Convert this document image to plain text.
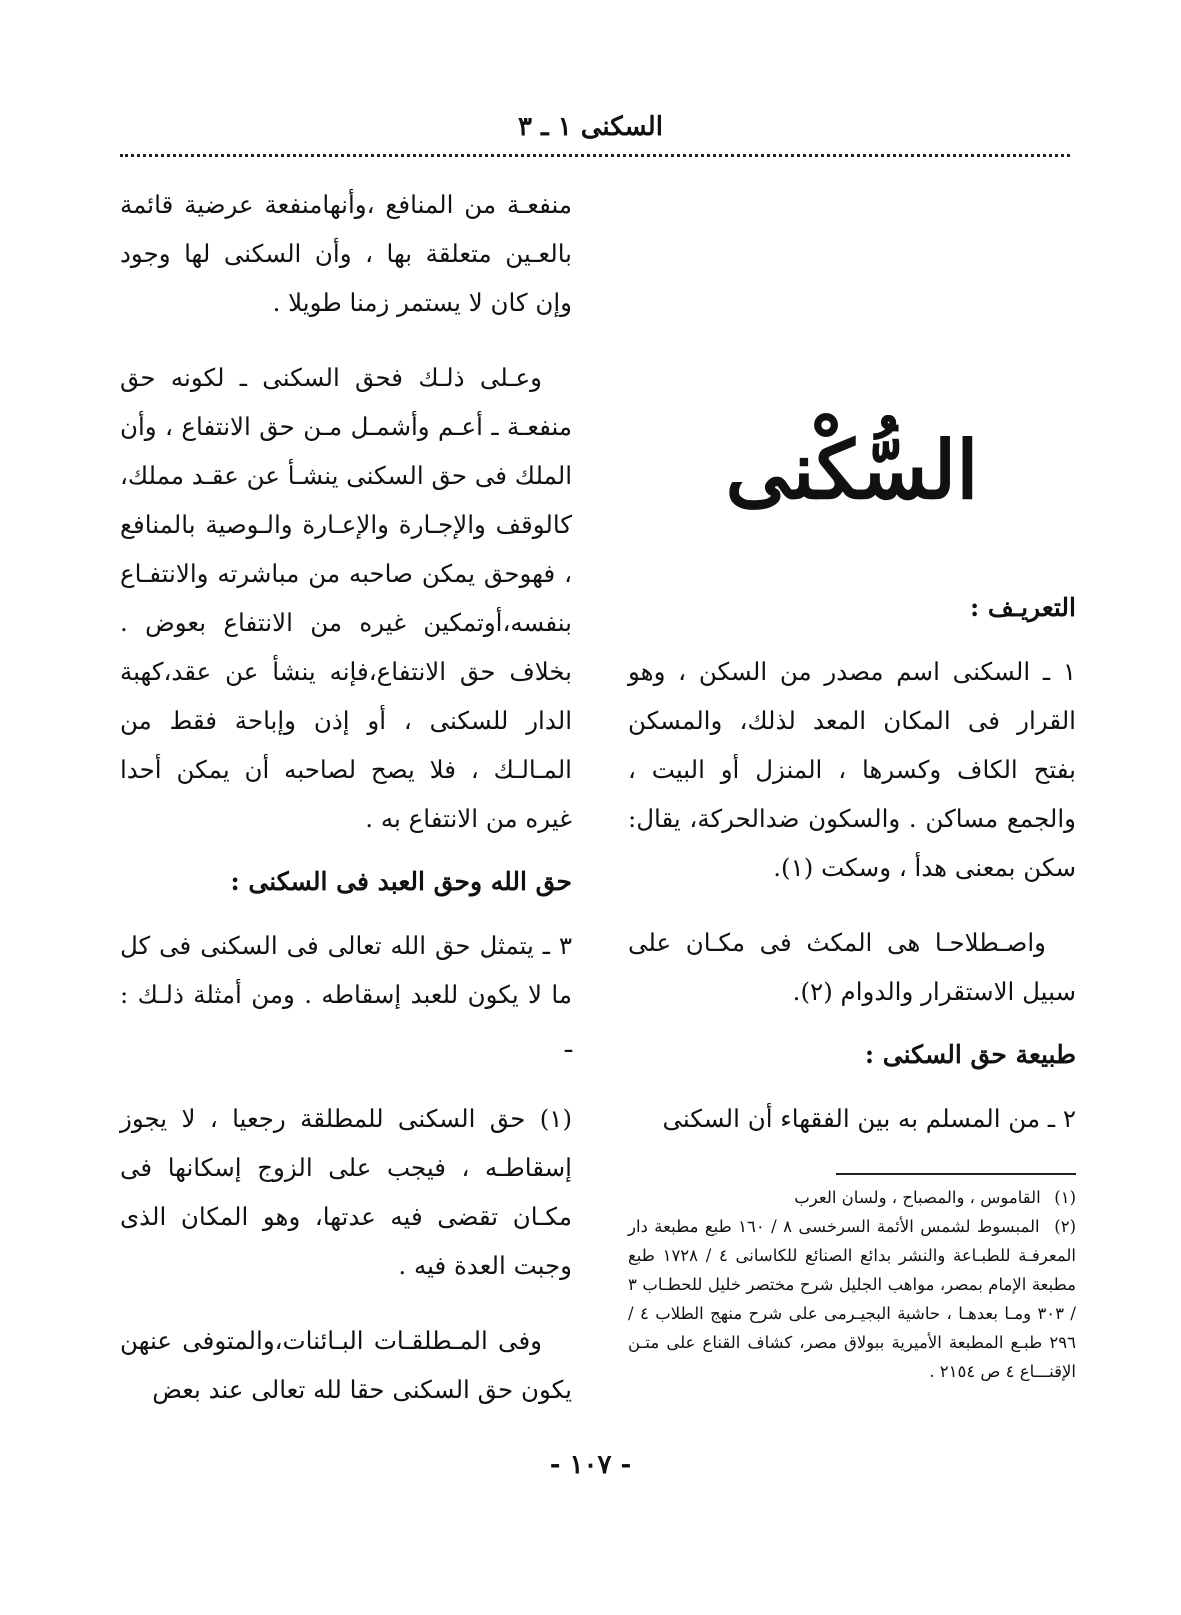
السكنى ١ ـ ٣
السُّكْنى

التعريـف :

١ ـ السكنى اسم مصدر من السكن ، وهو القرار فى المكان المعد لذلك، والمسكن بفتح الكاف وكسرها ، المنزل أو البيت ، والجمع مساكن . والسكون ضدالحركة، يقال: سكن بمعنى هدأ ، وسكت (١).

واصـطلاحـا هى المكث فى مكـان على سبيل الاستقرار والدوام (٢).

طبيعة حق السكنى :

٢ ـ من المسلم به بين الفقهاء أن السكنى

(١) القاموس ، والمصباح ، ولسان العرب

(٢) المبسوط لشمس الأئمة السرخسى ٨ / ١٦٠ طبع مطبعة دار المعرفـة للطبـاعة والنشر بدائع الصنائع للكاسانى ٤ / ١٧٢٨ طبع مطبعة الإمام بمصر، مواهب الجليل شرح مختصر خليل للحطـاب ٣ / ٣٠٣ ومـا بعدهـا ، حاشية البجيـرمى على شرح منهج الطلاب ٤ / ٢٩٦ طبـع المطبعة الأميرية ببولاق مصر، كشاف القناع على متـن الإقنـــاع ٤ ص ٢١٥٤ .

منفعـة من المنافع ،وأنهامنفعة عرضية قائمة بالعـين متعلقة بها ، وأن السكنى لها وجود وإن كان لا يستمر زمنا طويلا .

وعـلى ذلـك فحق السكنى ـ لكونه حق منفعـة ـ أعـم وأشمـل مـن حق الانتفاع ، وأن الملك فى حق السكنى ينشـأ عن عقـد مملك، كالوقف والإجـارة والإعـارة والـوصية بالمنافع ، فهوحق يمكن صاحبه من مباشرته والانتفـاع بنفسه،أوتمكين غيره من الانتفاع بعوض . بخلاف حق الانتفاع،فإنه ينشأ عن عقد،كهبة الدار للسكنى ، أو إذن وإباحة فقط من المـالـك ، فلا يصح لصاحبه أن يمكن أحدا غيره من الانتفاع به .

حق الله وحق العبد فى السكنى :

٣ ـ يتمثل حق الله تعالى فى السكنى فى كل ما لا يكون للعبد إسقاطه . ومن أمثلة ذلـك : ـ

(١) حق السكنى للمطلقة رجعيا ، لا يجوز إسقاطـه ، فيجب على الزوج إسكانها فى مكـان تقضى فيه عدتها، وهو المكان الذى وجبت العدة فيه .

وفى المـطلقـات البـائنات،والمتوفى عنهن يكون حق السكنى حقا لله تعالى عند بعض

- ١٠٧ -
